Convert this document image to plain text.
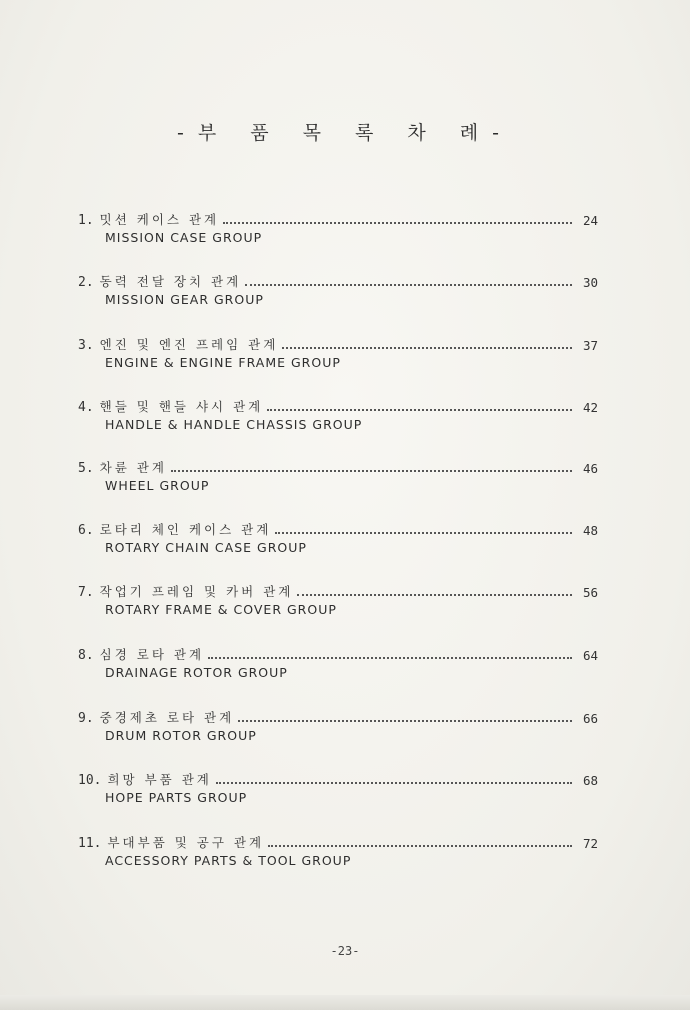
-부 품 목 록 차 례-
1. 밋션 케이스 관계	24
MISSION CASE GROUP
2. 동력 전달 장치 관계	30
MISSION GEAR GROUP
3. 엔진 및 엔진 프레임 관계	37
ENGINE & ENGINE FRAME GROUP
4. 핸들 및 핸들 샤시 관계	42
HANDLE & HANDLE CHASSIS GROUP
5. 차륜 관계	46
WHEEL GROUP
6. 로타리 체인 케이스 관계	48
ROTARY CHAIN CASE GROUP
7. 작업기 프레임 및 카버 관계	56
ROTARY FRAME & COVER GROUP
8. 심경 로타 관계	64
DRAINAGE ROTOR GROUP
9. 중경제초 로타 관계	66
DRUM ROTOR GROUP
10. 희망 부품 관계	68
HOPE PARTS GROUP
11. 부대부품 및 공구 관계	72
ACCESSORY PARTS & TOOL GROUP
-23-
